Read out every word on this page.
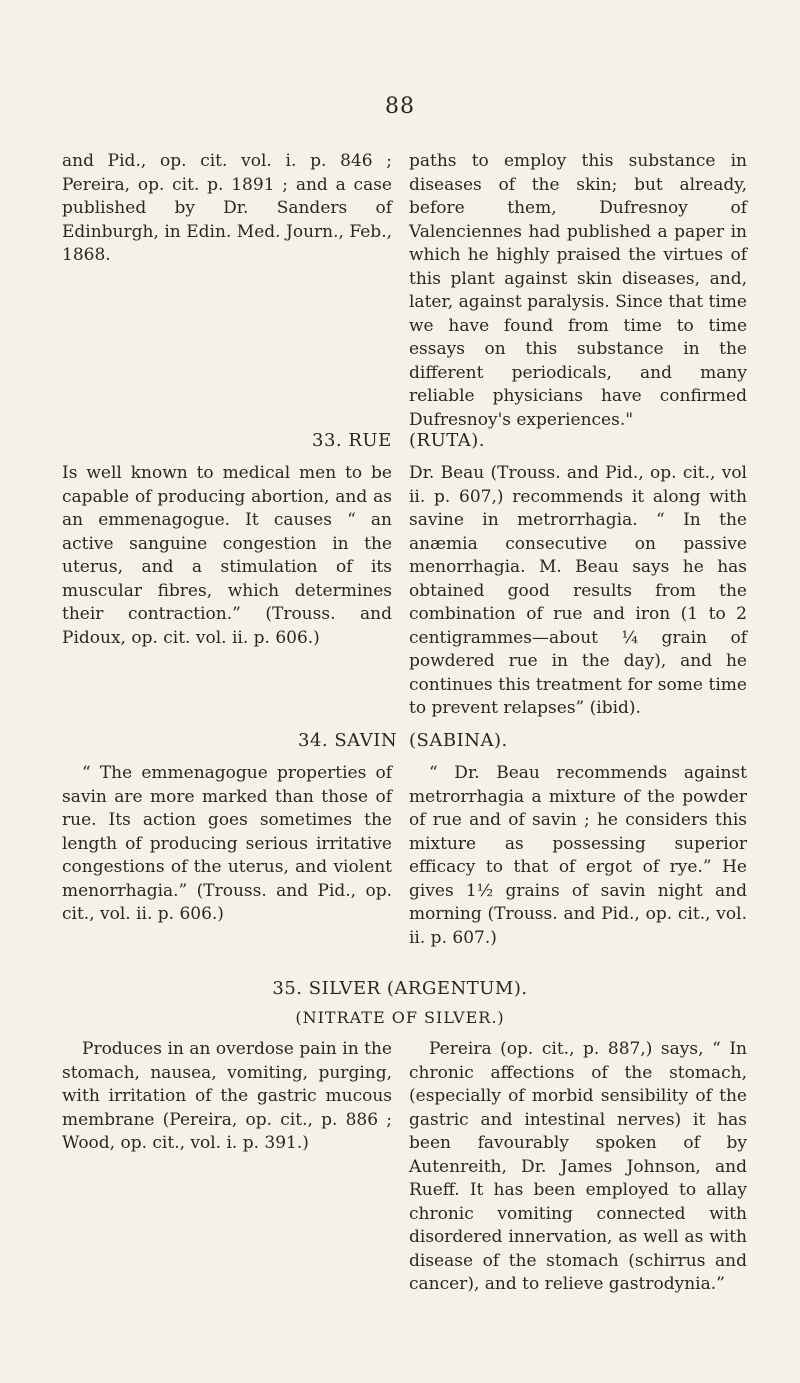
88

and Pid., op. cit. vol. i. p. 846 ; Pereira, op. cit. p. 1891 ; and a case published by Dr. Sanders of Edinburgh, in Edin. Med. Journ., Feb., 1868.

paths to employ this substance in diseases of the skin; but already, before them, Dufresnoy of Valenciennes had published a paper in which he highly praised the virtues of this plant against skin diseases, and, later, against paralysis. Since that time we have found from time to time essays on this substance in the different periodicals, and many reliable physicians have confirmed Dufresnoy's experiences."

33. RUE (RUTA).

Is well known to medical men to be capable of producing abortion, and as an emmenagogue. It causes “ an active sanguine congestion in the uterus, and a stimulation of its muscular fibres, which determines their contraction.” (Trouss. and Pidoux, op. cit. vol. ii. p. 606.)

Dr. Beau (Trouss. and Pid., op. cit., vol ii. p. 607,) recommends it along with savine in metrorrhagia. “ In the anæmia consecutive on passive menorrhagia. M. Beau says he has obtained good results from the combination of rue and iron (1 to 2 centigrammes—about ¼ grain of powdered rue in the day), and he continues this treatment for some time to prevent relapses” (ibid).

34. SAVIN (SABINA).

“ The emmenagogue properties of savin are more marked than those of rue. Its action goes sometimes the length of producing serious irritative congestions of the uterus, and violent menorrhagia.” (Trouss. and Pid., op. cit., vol. ii. p. 606.)

“ Dr. Beau recommends against metrorrhagia a mixture of the powder of rue and of savin ; he considers this mixture as possessing superior efficacy to that of ergot of rye.” He gives 1½ grains of savin night and morning (Trouss. and Pid., op. cit., vol. ii. p. 607.)

35. SILVER (ARGENTUM).
(NITRATE OF SILVER.)

Produces in an overdose pain in the stomach, nausea, vomiting, purging, with irritation of the gastric mucous membrane (Pereira, op. cit., p. 886 ; Wood, op. cit., vol. i. p. 391.)

Pereira (op. cit., p. 887,) says, “ In chronic affections of the stomach, (especially of morbid sensibility of the gastric and intestinal nerves) it has been favourably spoken of by Autenreith, Dr. James Johnson, and Rueff. It has been employed to allay chronic vomiting connected with disordered innervation, as well as with disease of the stomach (schirrus and cancer), and to relieve gastrodynia.”
